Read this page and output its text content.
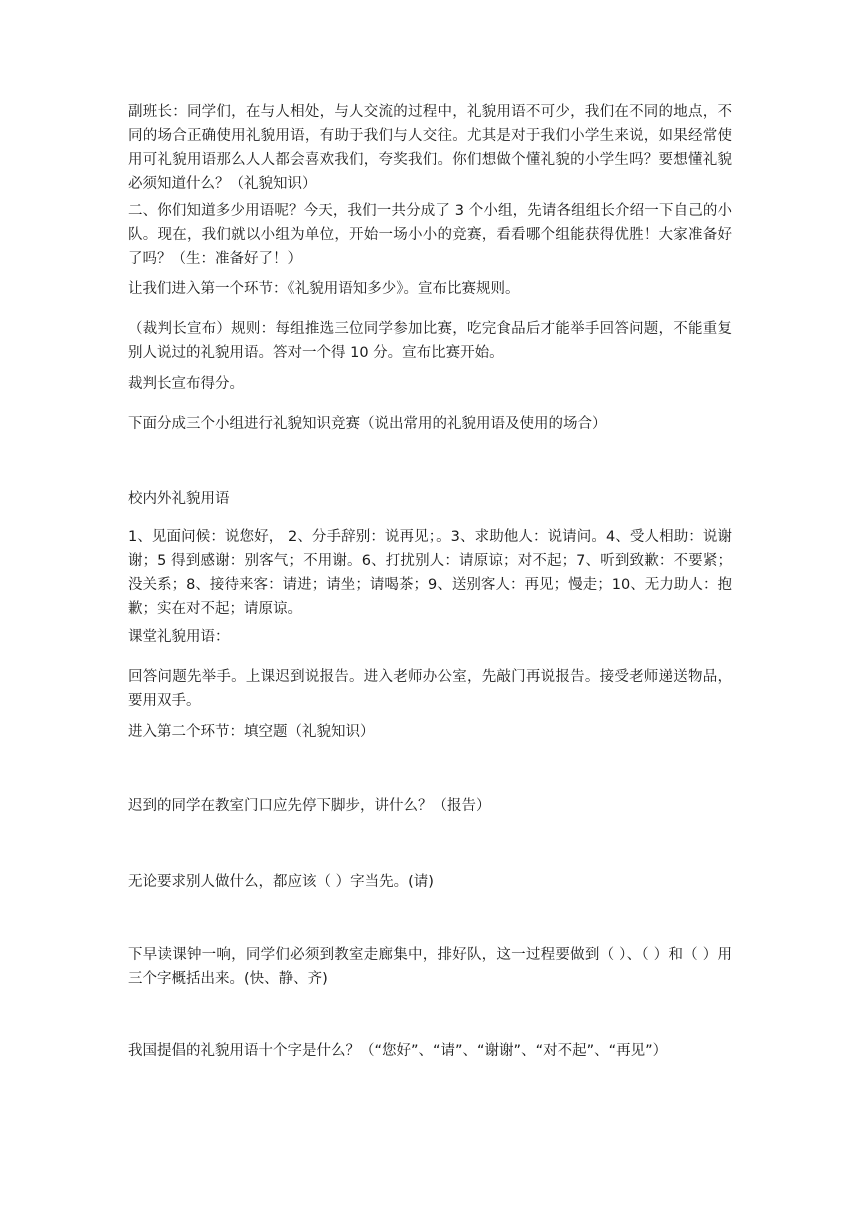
副班长：同学们，在与人相处，与人交流的过程中，礼貌用语不可少，我们在不同的地点，不同的场合正确使用礼貌用语，有助于我们与人交往。尤其是对于我们小学生来说，如果经常使用可礼貌用语那么人人都会喜欢我们，夸奖我们。你们想做个懂礼貌的小学生吗？要想懂礼貌必须知道什么？（礼貌知识）

二、你们知道多少用语呢？今天，我们一共分成了 3 个小组，先请各组组长介绍一下自己的小队。现在，我们就以小组为单位，开始一场小小的竞赛，看看哪个组能获得优胜！大家准备好了吗？（生：准备好了！）

让我们进入第一个环节：《礼貌用语知多少》。宣布比赛规则。

（裁判长宣布）规则：每组推选三位同学参加比赛，吃完食品后才能举手回答问题，不能重复别人说过的礼貌用语。答对一个得 10 分。宣布比赛开始。

裁判长宣布得分。

下面分成三个小组进行礼貌知识竞赛（说出常用的礼貌用语及使用的场合）

校内外礼貌用语

1、见面问候：说您好， 2、分手辞别：说再见；。3、求助他人：说请问。4、受人相助：说谢谢；5 得到感谢：别客气；不用谢。6、打扰别人：请原谅；对不起；7、听到致歉：不要紧；没关系；8、接待来客：请进；请坐；请喝茶；9、送别客人：再见；慢走；10、无力助人：抱歉；实在对不起；请原谅。

课堂礼貌用语：

回答问题先举手。上课迟到说报告。进入老师办公室，先敲门再说报告。接受老师递送物品，要用双手。

进入第二个环节：填空题（礼貌知识）

迟到的同学在教室门口应先停下脚步，讲什么？（报告）

无论要求别人做什么，都应该（ ）字当先。(请)

下早读课钟一响，同学们必须到教室走廊集中，排好队，这一过程要做到（ ）、（ ）和（ ）用三个字概括出来。(快、静、齐)

我国提倡的礼貌用语十个字是什么？（“您好”、“请”、“谢谢”、“对不起”、“再见”）
